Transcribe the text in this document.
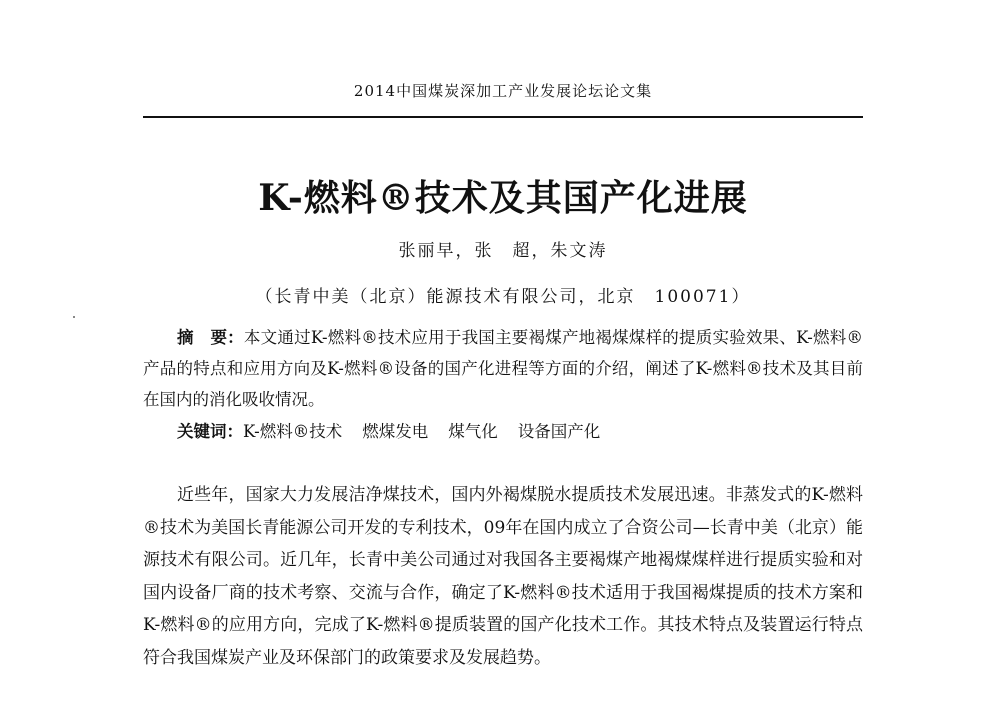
2014中国煤炭深加工产业发展论坛论文集
K-燃料®技术及其国产化进展
张丽早，张　超，朱文涛
（长青中美（北京）能源技术有限公司，北京　100071）
摘　要：本文通过K-燃料®技术应用于我国主要褐煤产地褐煤煤样的提质实验效果、K-燃料®产品的特点和应用方向及K-燃料®设备的国产化进程等方面的介绍，阐述了K-燃料®技术及其目前在国内的消化吸收情况。
关键词：K-燃料®技术 燃煤发电 煤气化 设备国产化
近些年，国家大力发展洁净煤技术，国内外褐煤脱水提质技术发展迅速。非蒸发式的K-燃料®技术为美国长青能源公司开发的专利技术，09年在国内成立了合资公司—长青中美（北京）能源技术有限公司。近几年，长青中美公司通过对我国各主要褐煤产地褐煤煤样进行提质实验和对国内设备厂商的技术考察、交流与合作，确定了K-燃料®技术适用于我国褐煤提质的技术方案和K-燃料®的应用方向，完成了K-燃料®提质装置的国产化技术工作。其技术特点及装置运行特点符合我国煤炭产业及环保部门的政策要求及发展趋势。
